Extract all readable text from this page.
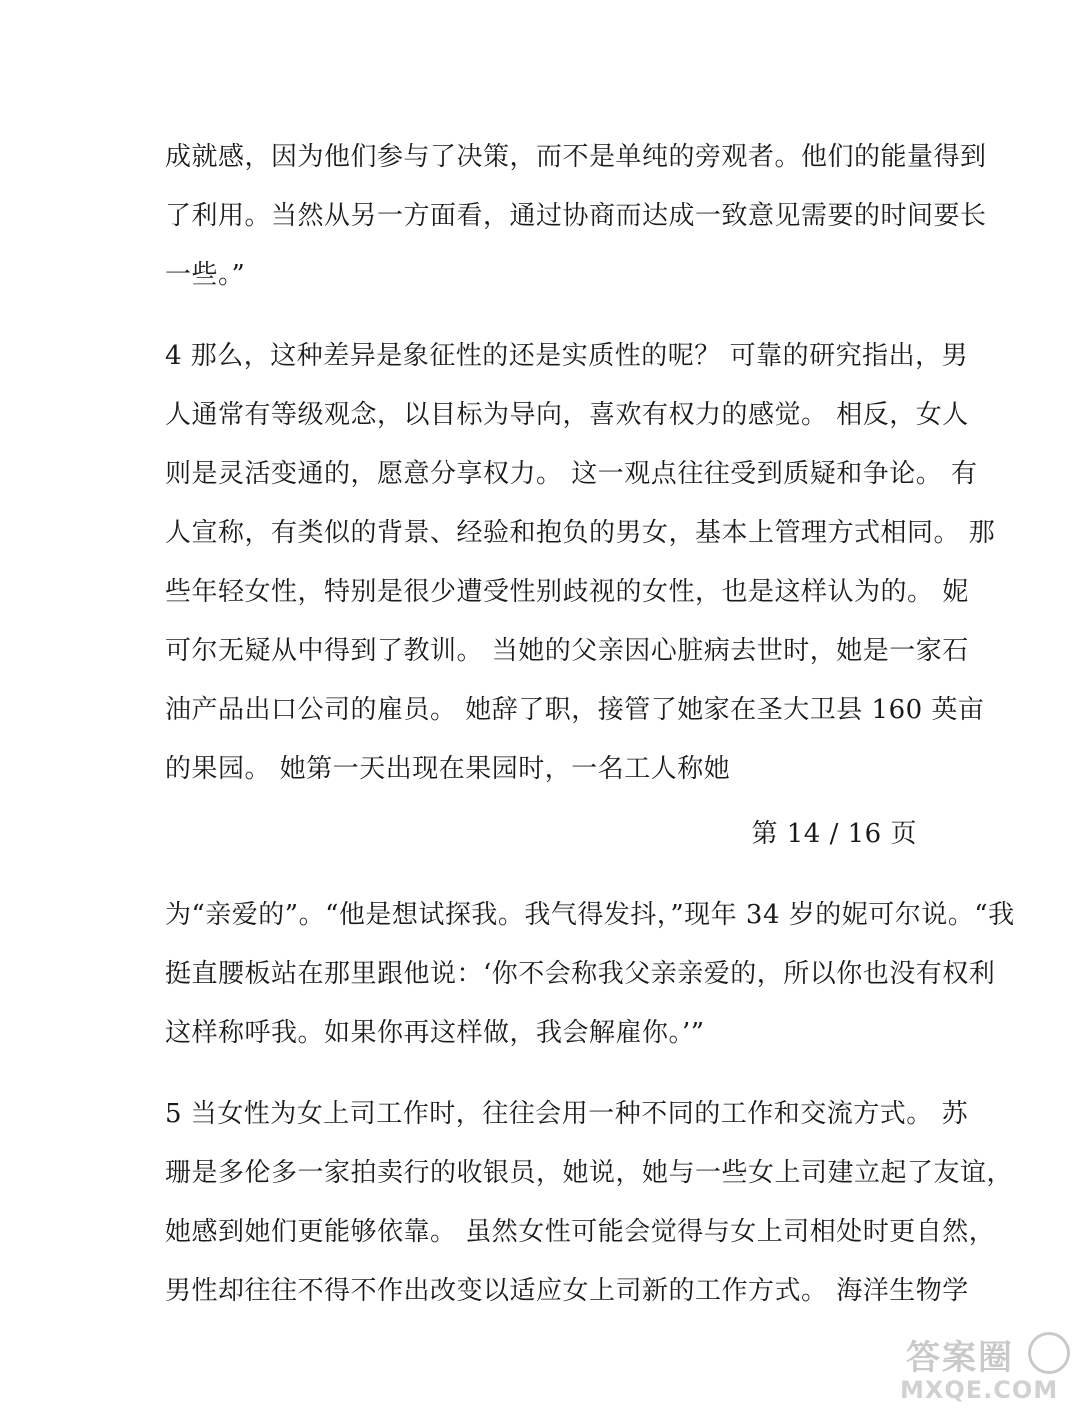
成就感，因为他们参与了决策，而不是单纯的旁观者。他们的能量得到
了利用。当然从另一方面看，通过协商而达成一致意见需要的时间要长
一些。”
4 那么，这种差异是象征性的还是实质性的呢？ 可靠的研究指出，男
人通常有等级观念，以目标为导向，喜欢有权力的感觉。 相反，女人
则是灵活变通的，愿意分享权力。 这一观点往往受到质疑和争论。 有
人宣称，有类似的背景、经验和抱负的男女，基本上管理方式相同。 那
些年轻女性，特别是很少遭受性别歧视的女性，也是这样认为的。 妮
可尔无疑从中得到了教训。 当她的父亲因心脏病去世时，她是一家石
油产品出口公司的雇员。 她辞了职，接管了她家在圣大卫县 160 英亩
的果园。 她第一天出现在果园时，一名工人称她
第 14 / 16 页
为“亲爱的”。“他是想试探我。我气得发抖，”现年 34 岁的妮可尔说。“我
挺直腰板站在那里跟他说：‘你不会称我父亲亲爱的，所以你也没有权利
这样称呼我。如果你再这样做，我会解雇你。’”
5 当女性为女上司工作时，往往会用一种不同的工作和交流方式。 苏
珊是多伦多一家拍卖行的收银员，她说，她与一些女上司建立起了友谊，
她感到她们更能够依靠。 虽然女性可能会觉得与女上司相处时更自然，
男性却往往不得不作出改变以适应女上司新的工作方式。 海洋生物学
答案圈
MXQE.COM
